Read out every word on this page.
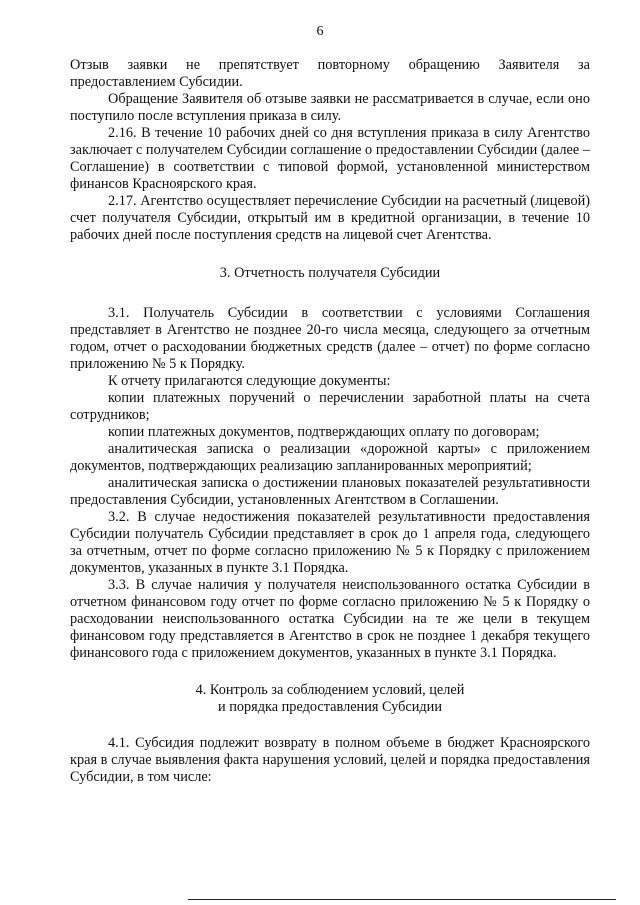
6

Отзыв заявки не препятствует повторному обращению Заявителя за предоставлением Субсидии.

Обращение Заявителя об отзыве заявки не рассматривается в случае, если оно поступило после вступления приказа в силу.

2.16. В течение 10 рабочих дней со дня вступления приказа в силу Агентство заключает с получателем Субсидии соглашение о предоставлении Субсидии (далее – Соглашение) в соответствии с типовой формой, установленной министерством финансов Красноярского края.

2.17. Агентство осуществляет перечисление Субсидии на расчетный (лицевой) счет получателя Субсидии, открытый им в кредитной организации, в течение 10 рабочих дней после поступления средств на лицевой счет Агентства.

3. Отчетность получателя Субсидии

3.1. Получатель Субсидии в соответствии с условиями Соглашения представляет в Агентство не позднее 20-го числа месяца, следующего за отчетным годом, отчет о расходовании бюджетных средств (далее – отчет) по форме согласно приложению № 5 к Порядку.

К отчету прилагаются следующие документы:

копии платежных поручений о перечислении заработной платы на счета сотрудников;

копии платежных документов, подтверждающих оплату по договорам;

аналитическая записка о реализации «дорожной карты» с приложением документов, подтверждающих реализацию запланированных мероприятий;

аналитическая записка о достижении плановых показателей результативности предоставления Субсидии, установленных Агентством в Соглашении.

3.2. В случае недостижения показателей результативности предоставления Субсидии получатель Субсидии представляет в срок до 1 апреля года, следующего за отчетным, отчет по форме согласно приложению № 5 к Порядку с приложением документов, указанных в пункте 3.1 Порядка.

3.3. В случае наличия у получателя неиспользованного остатка Субсидии в отчетном финансовом году отчет по форме согласно приложению № 5 к Порядку о расходовании неиспользованного остатка Субсидии на те же цели в текущем финансовом году представляется в Агентство в срок не позднее 1 декабря текущего финансового года с приложением документов, указанных в пункте 3.1 Порядка.

4. Контроль за соблюдением условий, целей

и порядка предоставления Субсидии

4.1. Субсидия подлежит возврату в полном объеме в бюджет Красноярского края в случае выявления факта нарушения условий, целей и порядка предоставления Субсидии, в том числе:
